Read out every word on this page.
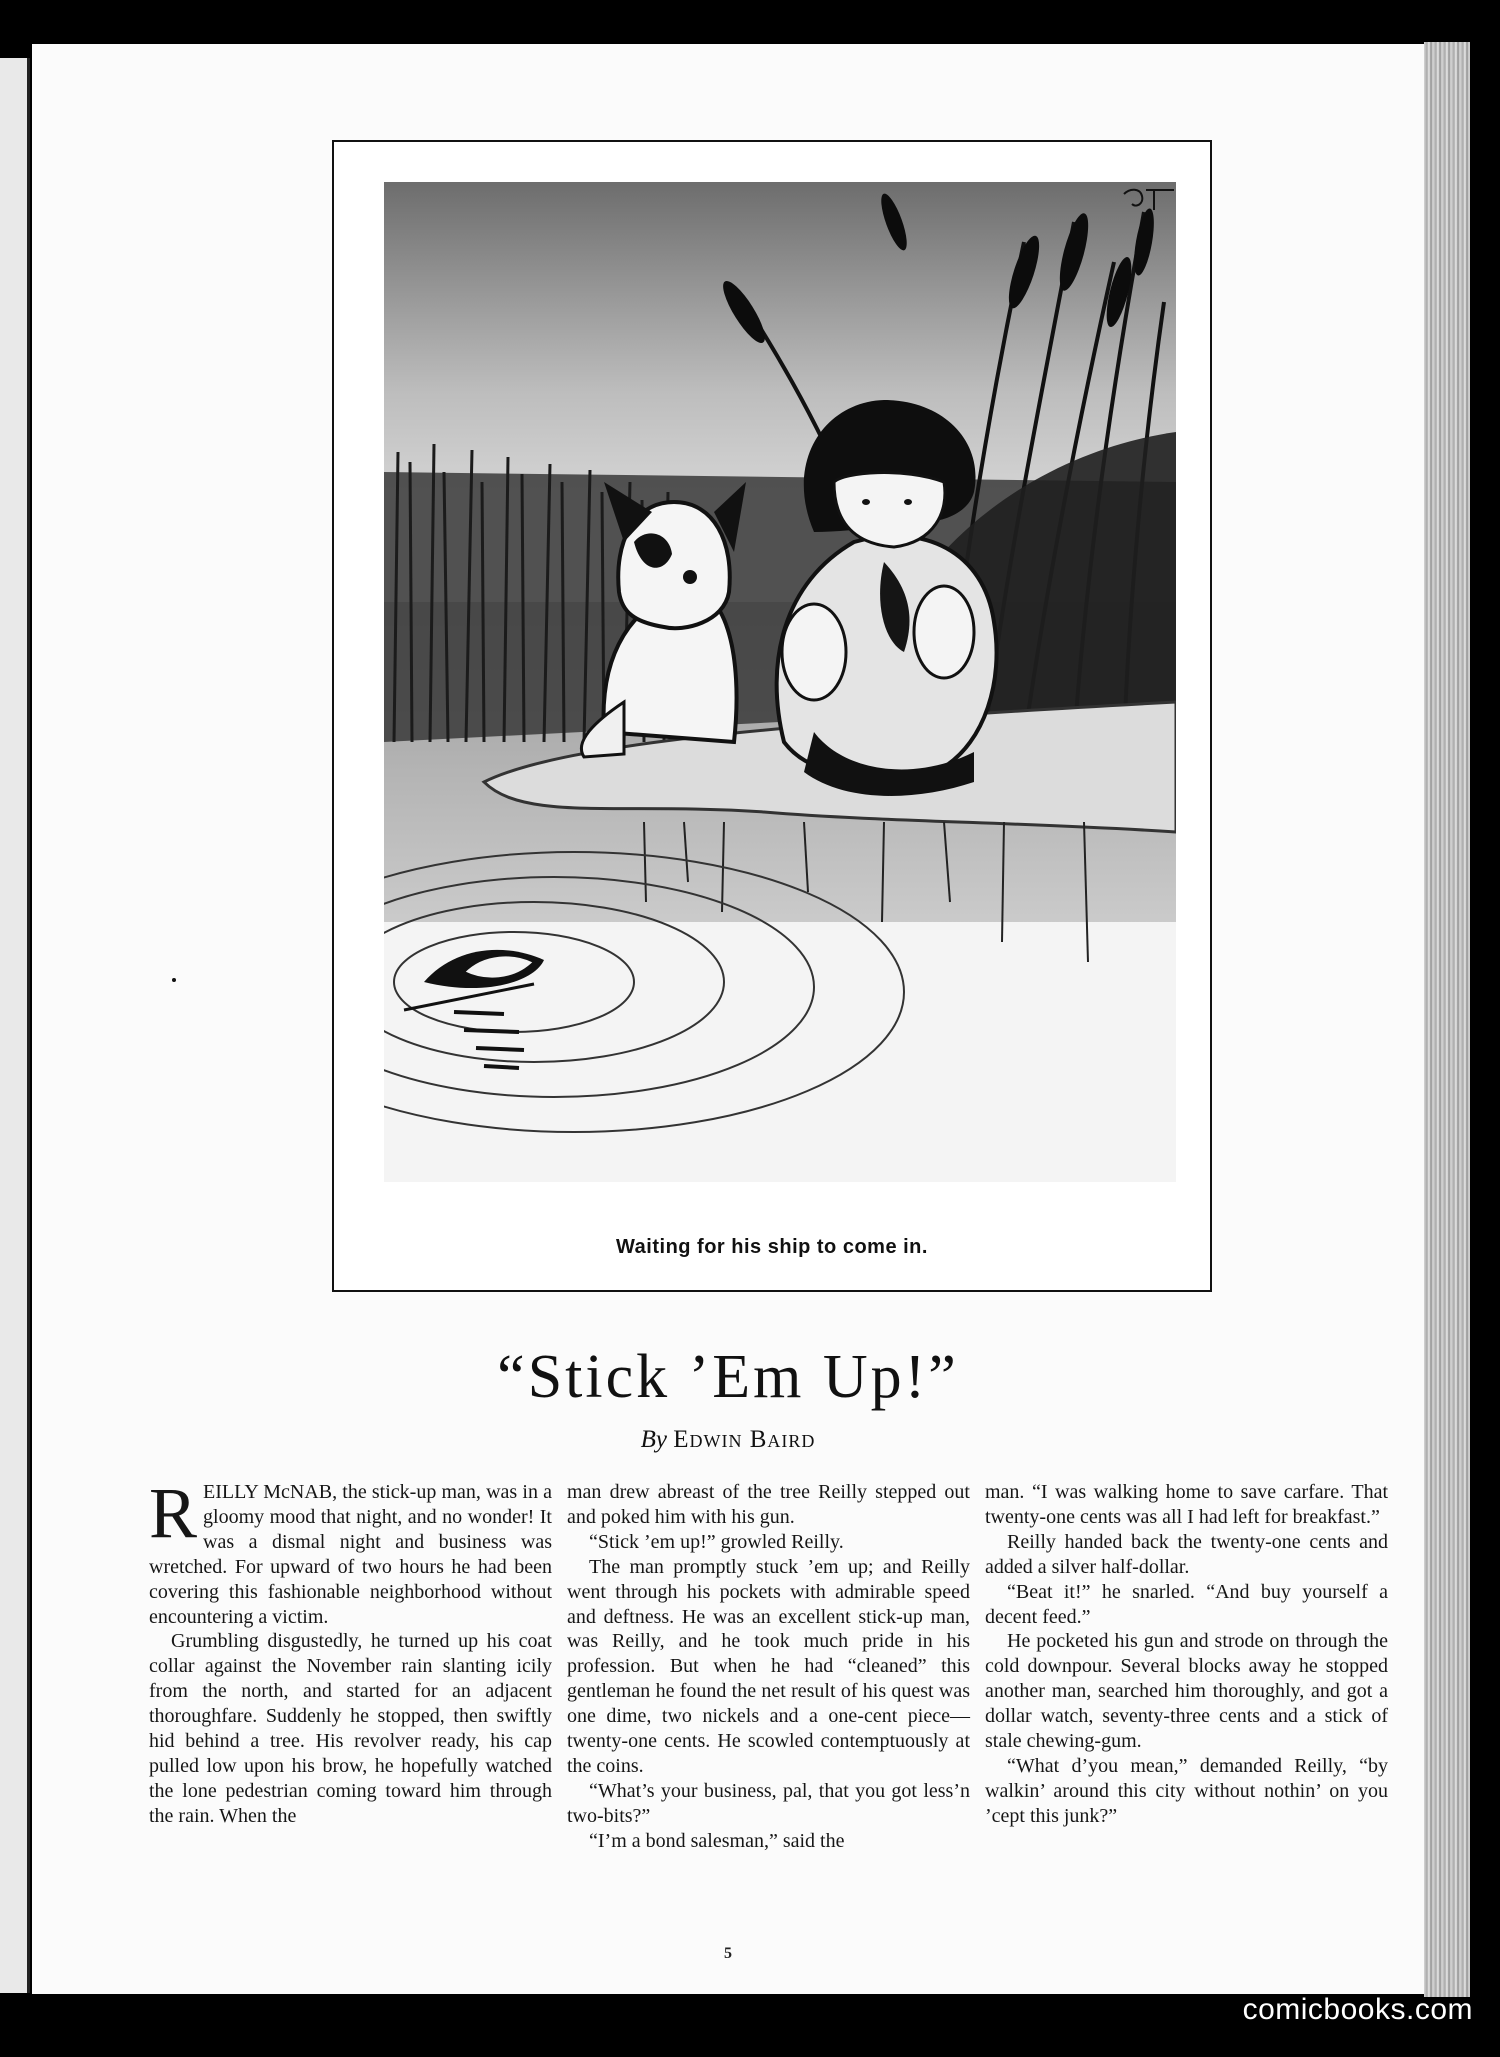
Waiting for his ship to come in.
“Stick ’Em Up!”
By Edwin Baird

REILLY McNAB, the stick-up man, was in a gloomy mood that night, and no wonder! It was a dismal night and business was wretched. For upward of two hours he had been covering this fashionable neighborhood without encountering a victim.

Grumbling disgustedly, he turned up his coat collar against the November rain slanting icily from the north, and started for an adjacent thoroughfare. Suddenly he stopped, then swiftly hid behind a tree. His revolver ready, his cap pulled low upon his brow, he hopefully watched the lone pedestrian coming toward him through the rain. When the

man drew abreast of the tree Reilly stepped out and poked him with his gun.

“Stick ’em up!” growled Reilly.

The man promptly stuck ’em up; and Reilly went through his pockets with admirable speed and deftness. He was an excellent stick-up man, was Reilly, and he took much pride in his profession. But when he had “cleaned” this gentleman he found the net result of his quest was one dime, two nickels and a one-cent piece—twenty-one cents. He scowled contemptuously at the coins.

“What’s your business, pal, that you got less’n two-bits?”

“I’m a bond salesman,” said the

man. “I was walking home to save carfare. That twenty-one cents was all I had left for breakfast.”

Reilly handed back the twenty-one cents and added a silver half-dollar.

“Beat it!” he snarled. “And buy yourself a decent feed.”

He pocketed his gun and strode on through the cold downpour. Several blocks away he stopped another man, searched him thoroughly, and got a dollar watch, seventy-three cents and a stick of stale chewing-gum.

“What d’you mean,” demanded Reilly, “by walkin’ around this city without nothin’ on you ’cept this junk?”

5
comicbooks.com
